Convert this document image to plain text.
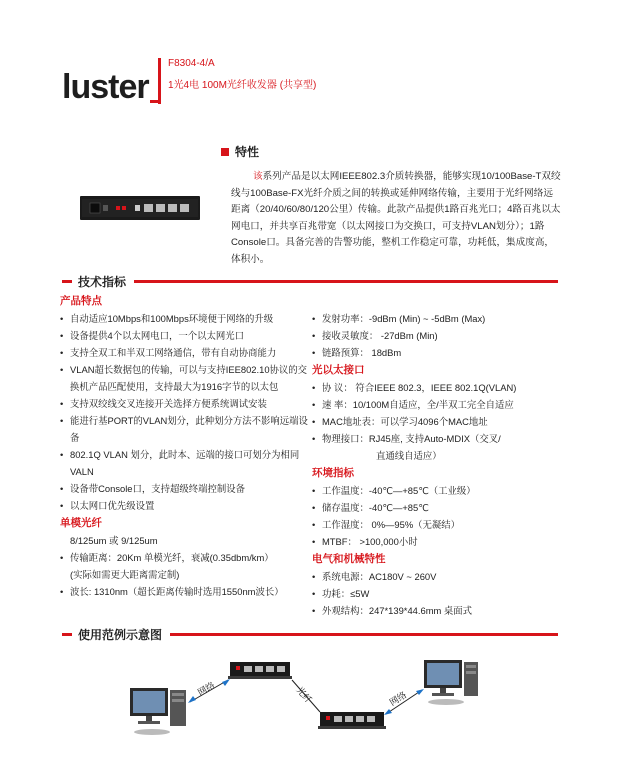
luster
F8304-4/A
1光4电 100M光纤收发器 (共享型)
特性

该系列产品是以太网IEEE802.3介质转换器，能够实现10/100Base-T双绞线与100Base-FX光纤介质之间的转换或延伸网络传输，主要用于光纤网络远距离（20/40/60/80/120公里）传输。此款产品提供1路百兆光口；4路百兆以太网电口，并共享百兆带宽（以太网接口为交换口，可支持VLAN划分）；1路Console口。具备完善的告警功能，整机工作稳定可靠，功耗低，集成度高，体积小。

技术指标
产品特点
• 自动适应10Mbps和100Mbps环境便于网络的升级
• 设备提供4个以太网电口，一个以太网光口
• 支持全双工和半双工网络通信，带有自动协商能力
• VLAN超长数据包的传输，可以与支持IEE802.10协议的交换机产品匹配使用，支持最大为1916字节的以太包
• 支持双绞线交叉连接开关选择方便系统调试安装
• 能进行基PORT的VLAN划分，此种划分方法不影响远端设备
• 802.1Q VLAN 划分，此时本、远端的接口可划分为相同VALN
• 设备带Console口，支持超级终端控制设备
• 以太网口优先级设置
单模光纤
8/125um 或 9/125um
• 传输距离：20Km 单模光纤，衰减(0.35dbm/km）
(实际如需更大距离需定制)
• 波长: 1310nm（超长距离传输时选用1550nm波长）
• 发射功率：-9dBm (Min) ~ -5dBm (Max)
• 接收灵敏度： -27dBm (Min)
• 链路预算： 18dBm
光以太接口
• 协 议： 符合IEEE 802.3，IEEE 802.1Q(VLAN)
• 速 率：10/100M自适应，全/半双工完全自适应
• MAC地址表：可以学习4096个MAC地址
• 物理接口：RJ45座, 支持Auto-MDIX（交叉/
直通线自适应）
环境指标
• 工作温度：-40℃—+85℃（工业级）
• 储存温度：-40℃—+85℃
• 工作湿度： 0%—95%（无凝结）
• MTBF： >100,000小时
电气和机械特性
• 系统电源：AC180V ~ 260V
• 功耗：≤5W
• 外观结构：247*139*44.6mm 桌面式
使用范例示意图
网络	光纤	网络
